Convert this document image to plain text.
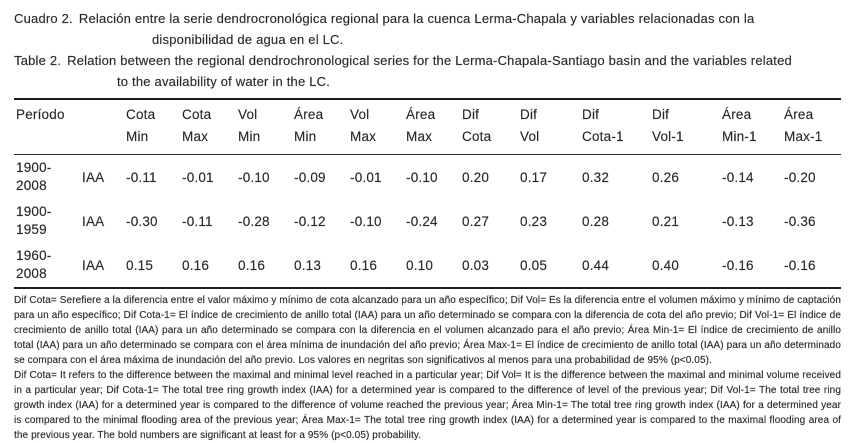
Cuadro 2. Relación entre la serie dendrocronológica regional para la cuenca Lerma-Chapala y variables relacionadas con la
disponibilidad de agua en el LC.
Table 2. Relation between the regional dendrochronological series for the Lerma-Chapala-Santiago basin and the variables related
to the availability of water in the LC.
Período		Cota	Cota	Vol	Área	Vol	Área	Dif	Dif	Dif	Dif	Área	Área
		Min	Max	Min	Min	Max	Max	Cota	Vol	Cota-1	Vol-1	Min-1	Max-1
1900-2008	IAA	-0.11	-0.01	-0.10	-0.09	-0.01	-0.10	0.20	0.17	0.32	0.26	-0.14	-0.20
1900-1959	IAA	-0.30	-0.11	-0.28	-0.12	-0.10	-0.24	0.27	0.23	0.28	0.21	-0.13	-0.36
1960-2008	IAA	0.15	0.16	0.16	0.13	0.16	0.10	0.03	0.05	0.44	0.40	-0.16	-0.16
Dif Cota= Serefiere a la diferencia entre el valor máximo y mínimo de cota alcanzado para un año específico; Dif Vol= Es la diferencia entre el volumen máximo y mínimo de captación para un año específico; Dif Cota-1= El índice de crecimiento de anillo total (IAA) para un año determinado se compara con la diferencia de cota del año previo; Dif Vol-1= El índice de crecimiento de anillo total (IAA) para un año determinado se compara con la diferencia en el volumen alcanzado para el año previo; Área Min-1= El índice de crecimiento de anillo total (IAA) para un año determinado se compara con el área mínima de inundación del año previo; Área Max-1= El índice de crecimiento de anillo total (IAA) para un año determinado se compara con el área máxima de inundación del año previo. Los valores en negritas son significativos al menos para una probabilidad de 95% (p<0.05).
Dif Cota= It refers to the difference between the maximal and minimal level reached in a particular year; Dif Vol= It is the difference between the maximal and minimal volume received in a particular year; Dif Cota-1= The total tree ring growth index (IAA) for a determined year is compared to the difference of level of the previous year; Dif Vol-1= The total tree ring growth index (IAA) for a determined year is compared to the difference of volume reached the previous year; Área Min-1= The total tree ring growth index (IAA) for a determined year is compared to the minimal flooding area of the previous year; Área Max-1= The total tree ring growth index (IAA) for a determined year is compared to the maximal flooding area of the previous year. The bold numbers are significant at least for a 95% (p<0.05) probability.
